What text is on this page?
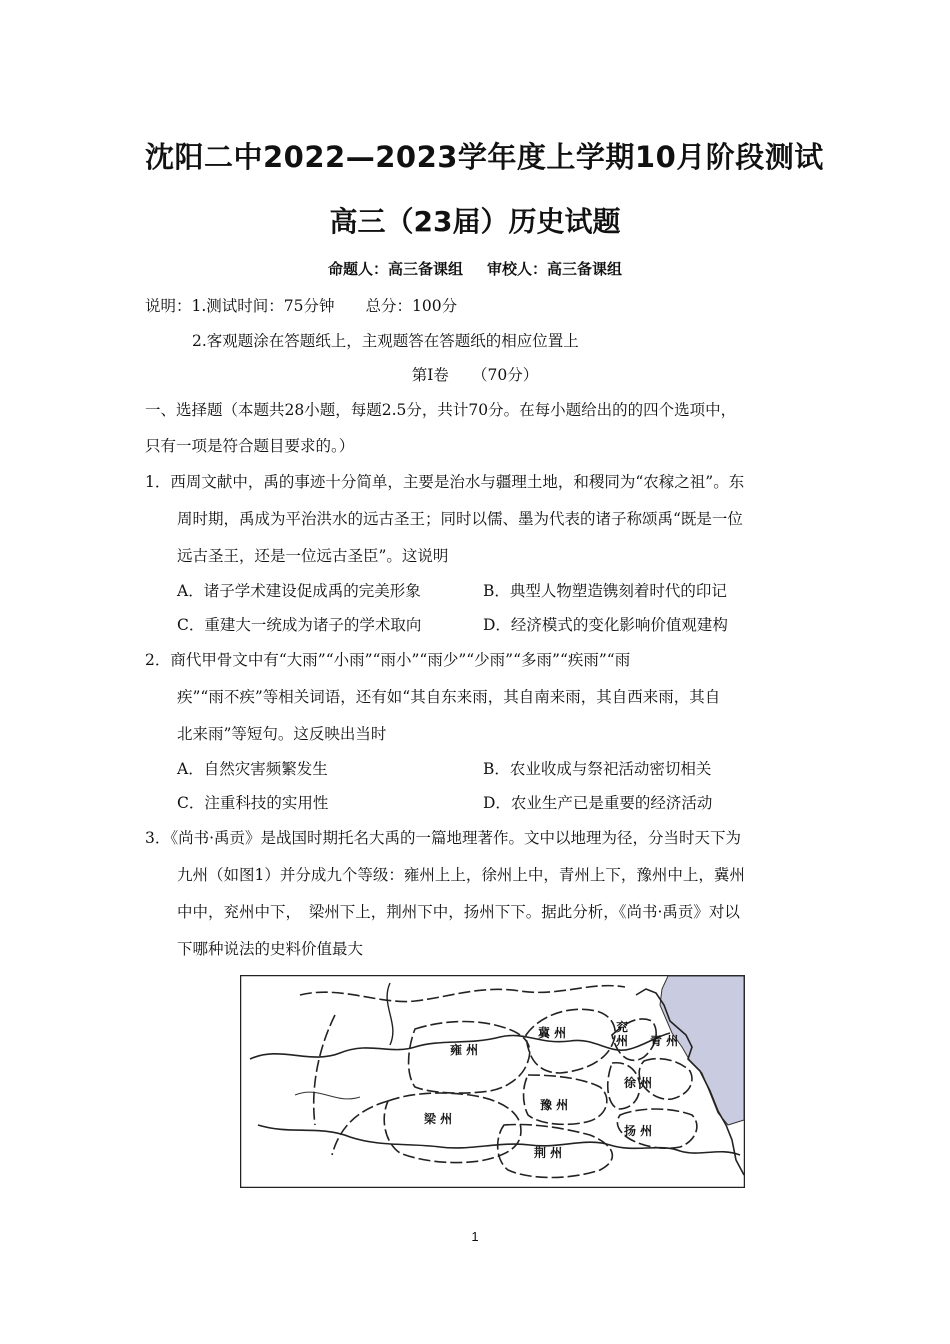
沈阳二中2022—2023学年度上学期10月阶段测试
高三（23届）历史试题
命题人：高三备课组 审校人：高三备课组
说明：1.测试时间：75分钟　　总分：100分
2.客观题涂在答题纸上，主观题答在答题纸的相应位置上
第Ⅰ卷　　（70分）
一、选择题（本题共28小题，每题2.5分，共计70分。在每小题给出的的四个选项中，
只有一项是符合题目要求的。）
1．西周文献中，禹的事迹十分简单，主要是治水与疆理土地，和稷同为“农稼之祖”。东
周时期，禹成为平治洪水的远古圣王；同时以儒、墨为代表的诸子称颂禹“既是一位
远古圣王，还是一位远古圣臣”。这说明
A．诸子学术建设促成禹的完美形象	B．典型人物塑造镌刻着时代的印记
C．重建大一统成为诸子的学术取向	D．经济模式的变化影响价值观建构
2．商代甲骨文中有“大雨”“小雨”“雨小”“雨少”“少雨”“多雨”“疾雨”“雨
疾”“雨不疾”等相关词语，还有如“其自东来雨，其自南来雨，其自西来雨，其自
北来雨”等短句。这反映出当时
A．自然灾害频繁发生	B．农业收成与祭祀活动密切相关
C．注重科技的实用性	D．农业生产已是重要的经济活动
3．《尚书·禹贡》是战国时期托名大禹的一篇地理著作。文中以地理为径，分当时天下为
九州（如图1）并分成九个等级：雍州上上，徐州上中，青州上下，豫州中上，冀州
中中，兖州中下，　梁州下上，荆州下中，扬州下下。据此分析，《尚书·禹贡》对以
下哪种说法的史料价值最大
冀 州	兖
州 青 州
雍 州
徐 州
豫 州
梁 州
扬 州
荆 州
1
